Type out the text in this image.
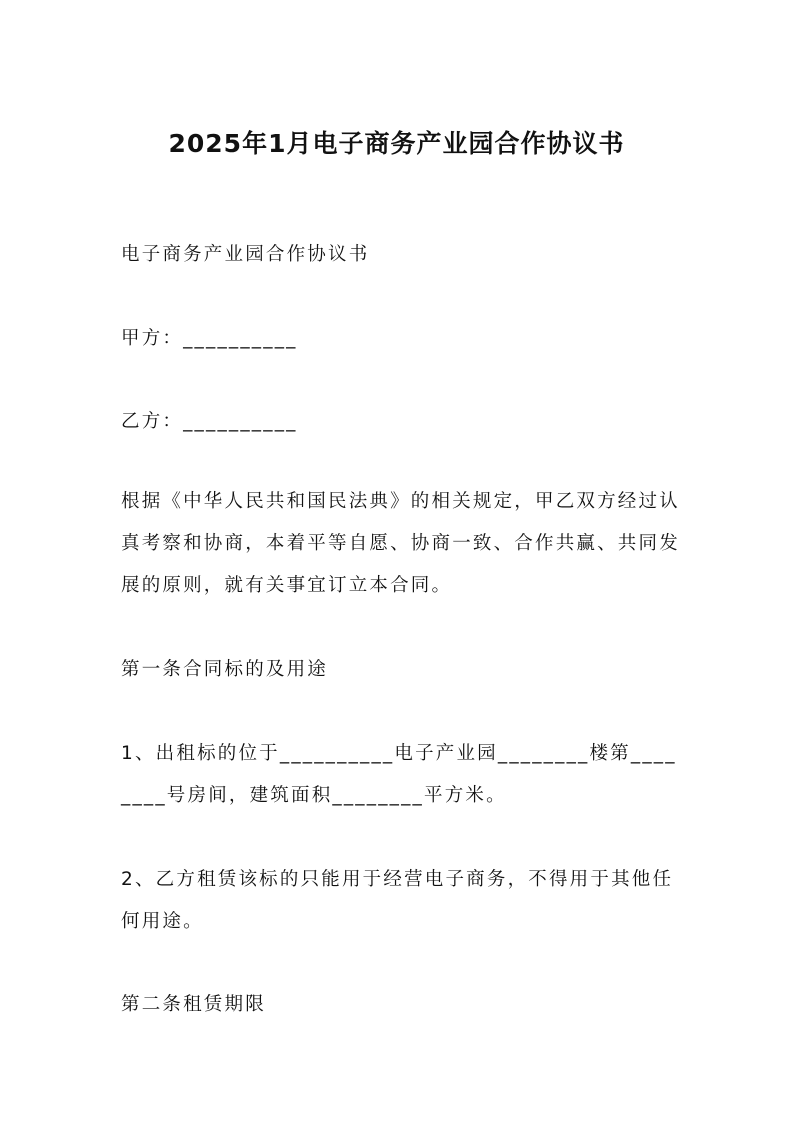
2025年1月电子商务产业园合作协议书
电子商务产业园合作协议书
甲方：__________
乙方：__________
根据《中华人民共和国民法典》的相关规定，甲乙双方经过认真考察和协商，本着平等自愿、协商一致、合作共赢、共同发展的原则，就有关事宜订立本合同。
第一条合同标的及用途
1、出租标的位于__________电子产业园________楼第________号房间，建筑面积________平方米。
2、乙方租赁该标的只能用于经营电子商务，不得用于其他任何用途。
第二条租赁期限
